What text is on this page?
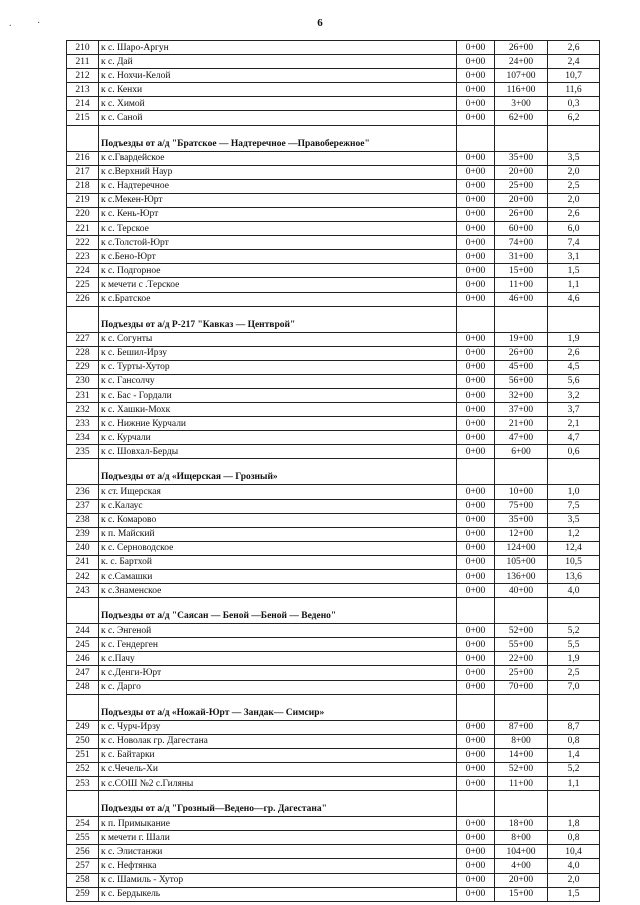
.	·	6
210	к с. Шаро-Аргун	0+00	26+00	2,6
211	к с. Дай	0+00	24+00	2,4
212	к с. Нохчи-Келой	0+00	107+00	10,7
213	к с. Кенхи	0+00	116+00	11,6
214	к с. Химой	0+00	3+00	0,3
215	к с. Саной	0+00	62+00	6,2
	Подъезды от а/д "Братское — Надтеречное —Правобережное"			
216	к с.Гвардейское	0+00	35+00	3,5
217	к с.Верхний Наур	0+00	20+00	2,0
218	к с. Надтеречное	0+00	25+00	2,5
219	к с.Мекен-Юрт	0+00	20+00	2,0
220	к с. Кень-Юрт	0+00	26+00	2,6
221	к с. Терское	0+00	60+00	6,0
222	к с.Толстой-Юрт	0+00	74+00	7,4
223	к с.Бено-Юрт	0+00	31+00	3,1
224	к с. Подгорное	0+00	15+00	1,5
225	к мечети с .Терское	0+00	11+00	1,1
226	к с.Братское	0+00	46+00	4,6
	Подъезды от а/д Р-217 "Кавказ — Центврой"			
227	к с. Согунты	0+00	19+00	1,9
228	к с. Бешил-Ирзу	0+00	26+00	2,6
229	к с. Турты-Хутор	0+00	45+00	4,5
230	к с. Гансолчу	0+00	56+00	5,6
231	к с. Бас - Гордали	0+00	32+00	3,2
232	к с. Хашки-Мохк	0+00	37+00	3,7
233	к с. Нижние Курчали	0+00	21+00	2,1
234	к с. Курчали	0+00	47+00	4,7
235	к с. Шовхал-Берды	0+00	6+00	0,6
	Подъезды от а/д «Ищерская — Грозный»			
236	к ст. Ищерская	0+00	10+00	1,0
237	к с.Калаус	0+00	75+00	7,5
238	к с. Комарово	0+00	35+00	3,5
239	к п. Майский	0+00	12+00	1,2
240	к с. Серноводское	0+00	124+00	12,4
241	к. с. Бартхой	0+00	105+00	10,5
242	к с.Самашки	0+00	136+00	13,6
243	к с.Знаменское	0+00	40+00	4,0
	Подъезды от а/д "Саясан — Беной —Беной — Ведено"			
244	к с. Энгеной	0+00	52+00	5,2
245	к с. Гендерген	0+00	55+00	5,5
246	к с.Пачу	0+00	22+00	1,9
247	к с.Денги-Юрт	0+00	25+00	2,5
248	к с. Дарго	0+00	70+00	7,0
	Подъезды от а/д «Ножай-Юрт — Зандак— Симсир»			
249	к с. Чурч-Ирзу	0+00	87+00	8,7
250	к с. Новолак гр. Дагестана	0+00	8+00	0,8
251	к с. Байтарки	0+00	14+00	1,4
252	к с.Чечель-Хи	0+00	52+00	5,2
253	к с.СОШ №2 с.Гиляны	0+00	11+00	1,1
	Подъезды от а/д "Грозный—Ведено—гр. Дагестана"			
254	к п. Примыкание	0+00	18+00	1,8
255	к мечети г. Шали	0+00	8+00	0,8
256	к с. Элистанжи	0+00	104+00	10,4
257	к с. Нефтянка	0+00	4+00	4,0
258	к с. Шамиль - Хутор	0+00	20+00	2,0
259	к с. Бердыкель	0+00	15+00	1,5
